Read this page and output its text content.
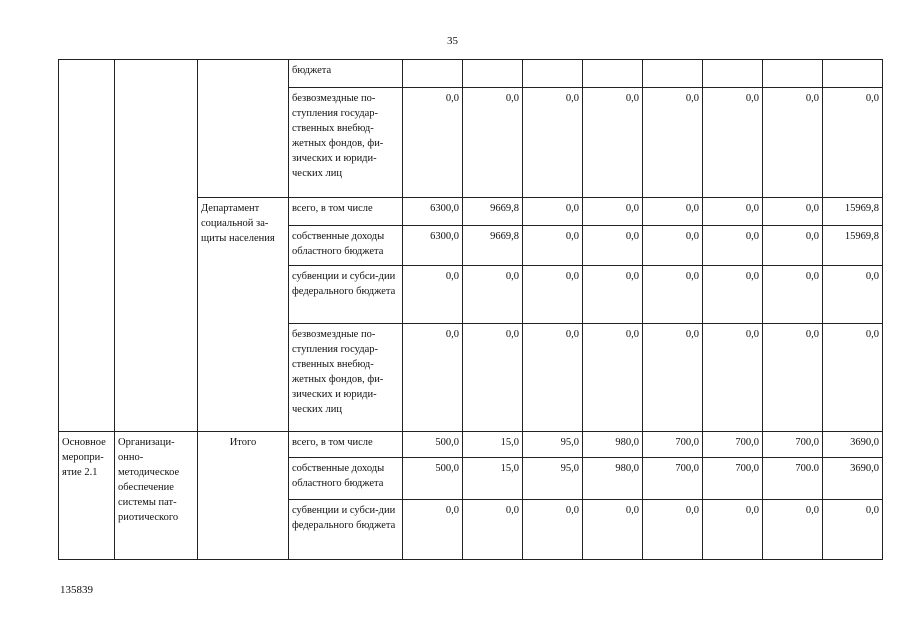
35
			бюджета								
			безвозмездные по-ступления государ-ственных внебюд-жетных фондов, фи-зических и юриди-ческих лиц	0,0	0,0	0,0	0,0	0,0	0,0	0,0	0,0
		Департамент социальной за-щиты населения	всего, в том числе	6300,0	9669,8	0,0	0,0	0,0	0,0	0,0	15969,8
			собственные доходы областного бюджета	6300,0	9669,8	0,0	0,0	0,0	0,0	0,0	15969,8
			субвенции и субси-дии федерального бюджета	0,0	0,0	0,0	0,0	0,0	0,0	0,0	0,0
			безвозмездные по-ступления государ-ственных внебюд-жетных фондов, фи-зических и юриди-ческих лиц	0,0	0,0	0,0	0,0	0,0	0,0	0,0	0,0
Основное меропри-ятие 2.1	Организаци-онно-методическое обеспечение системы пат-риотического	Итого	всего, в том числе	500,0	15,0	95,0	980,0	700,0	700,0	700,0	3690,0
			собственные доходы областного бюджета	500,0	15,0	95,0	980,0	700,0	700,0	700.0	3690,0
			субвенции и субси-дии федерального бюджета	0,0	0,0	0,0	0,0	0,0	0,0	0,0	0,0
135839
